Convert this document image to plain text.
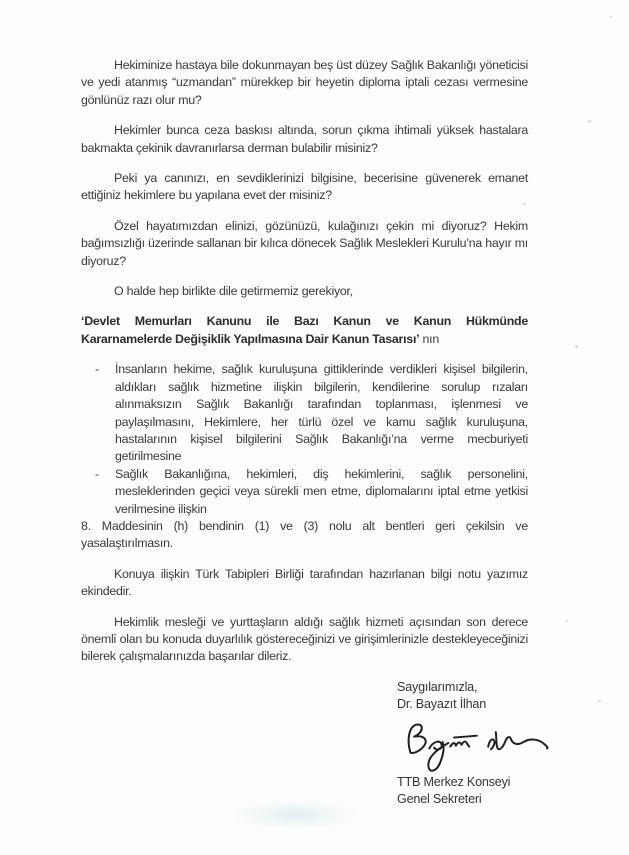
Hekiminize hastaya bile dokunmayan beş üst düzey Sağlık Bakanlığı yöneticisi ve yedi atanmış “uzmandan” mürekkep bir heyetin diploma iptali cezası vermesine gönlünüz razı olur mu?

Hekimler bunca ceza baskısı altında, sorun çıkma ihtimali yüksek hastalara bakmakta çekinik davranırlarsa derman bulabilir misiniz?

Peki ya canınızı, en sevdiklerinizi bilgisine, becerisine güvenerek emanet ettiğiniz hekimlere bu yapılana evet der misiniz?

Özel hayatımızdan elinizi, gözünüzü, kulağınızı çekin mi diyoruz? Hekim bağımsızlığı üzerinde sallanan bir kılıca dönecek Sağlık Meslekleri Kurulu’na hayır mı diyoruz?

O halde hep birlikte dile getirmemiz gerekiyor,

‘Devlet Memurları Kanunu ile Bazı Kanun ve Kanun Hükmünde Kararnamelerde Değişiklik Yapılmasına Dair Kanun Tasarısı’ nın

-	İnsanların hekime, sağlık kuruluşuna gittiklerinde verdikleri kişisel bilgilerin, aldıkları sağlık hizmetine ilişkin bilgilerin, kendilerine sorulup rızaları alınmaksızın Sağlık Bakanlığı tarafından toplanması, işlenmesi ve paylaşılmasını, Hekimlere, her türlü özel ve kamu sağlık kuruluşuna, hastalarının kişisel bilgilerini Sağlık Bakanlığı’na verme mecburiyeti getirilmesine
-	Sağlık Bakanlığına, hekimleri, diş hekimlerini, sağlık personelini, mesleklerinden geçici veya sürekli men etme, diplomalarını iptal etme yetkisi verilmesine ilişkin

8. Maddesinin (h) bendinin (1) ve (3) nolu alt bentleri geri çekilsin ve yasalaştırılmasın.

Konuya ilişkin Türk Tabipleri Birliği tarafından hazırlanan bilgi notu yazımız ekindedir.

Hekimlik mesleği ve yurttaşların aldığı sağlık hizmeti açısından son derece önemli olan bu konuda duyarlılık göstereceğinizi ve girişimlerinizle destekleyeceğinizi bilerek çalışmalarınızda başarılar dileriz.

Saygılarımızla,
Dr. Bayazıt İlhan
TTB Merkez Konseyi
Genel Sekreteri
